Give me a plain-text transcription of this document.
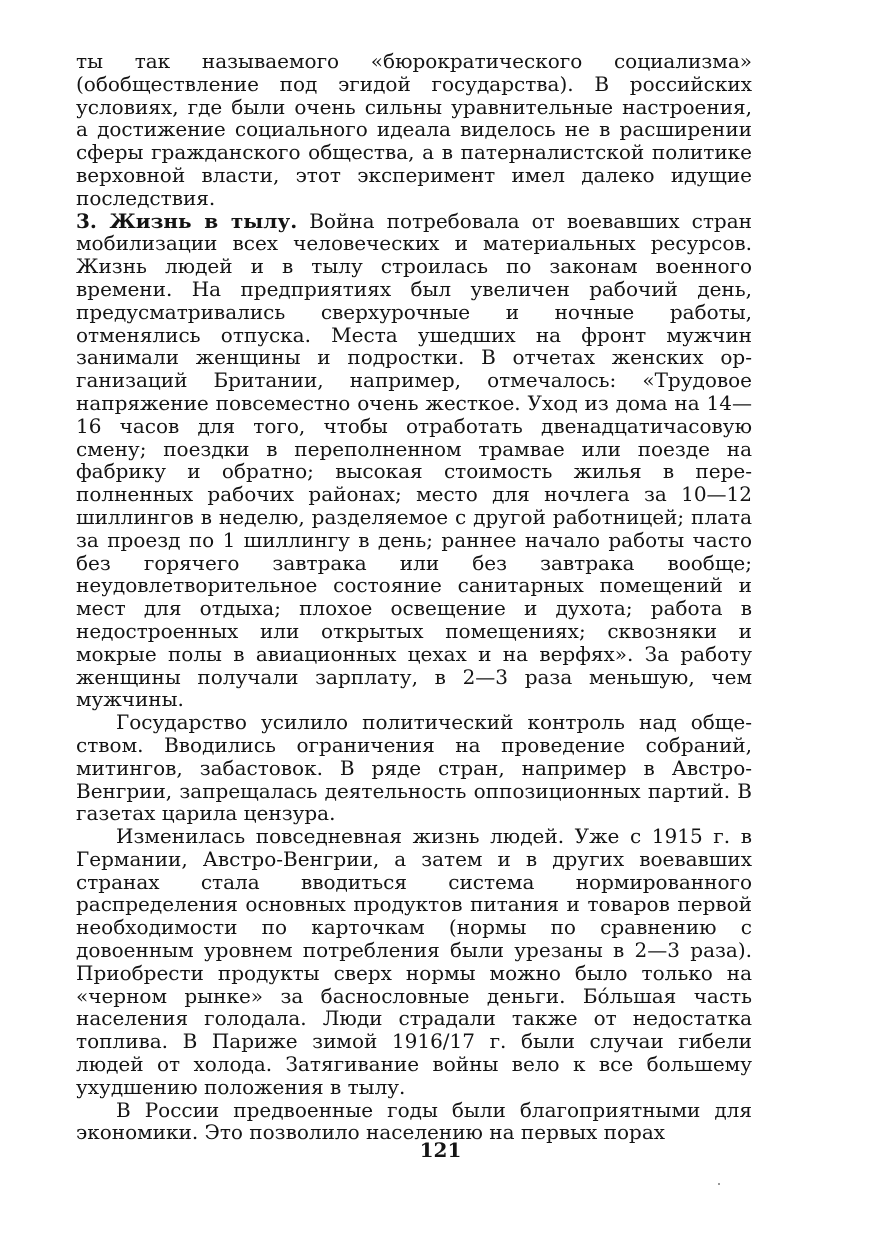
ты так называемого «бюрократического социализма» (обобществление под эгидой государства). В российских условиях, где были очень сильны уравнительные настроения, а достижение социального идеала виделось не в расширении сферы гражданского общества, а в патерналистской политике верховной власти, этот эксперимент имел далеко идущие последствия.

3. Жизнь в тылу. Война потребовала от воевавших стран мобилизации всех человеческих и материальных ресурсов. Жизнь людей и в тылу строилась по законам военного времени. На предприятиях был увеличен рабочий день, предусматривались сверхурочные и ночные работы, отменялись отпуска. Места ушедших на фронт мужчин занимали женщины и подростки. В отчетах женских организаций Британии, например, отмечалось: «Трудовое напряжение повсеместно очень жесткое. Уход из дома на 14—16 часов для того, чтобы отработать двенадцатичасовую смену; поездки в переполненном трамвае или поезде на фабрику и обратно; высокая стоимость жилья в переполненных рабочих районах; место для ночлега за 10—12 шиллингов в неделю, разделяемое с другой работницей; плата за проезд по 1 шиллингу в день; раннее начало работы часто без горячего завтрака или без завтрака вообще; неудовлетворительное состояние санитарных помещений и мест для отдыха; плохое освещение и духота; работа в недостроенных или открытых помещениях; сквозняки и мокрые полы в авиационных цехах и на верфях». За работу женщины получали зарплату, в 2—3 раза меньшую, чем мужчины.

Государство усилило политический контроль над обществом. Вводились ограничения на проведение собраний, митингов, забастовок. В ряде стран, например в Австро-Венгрии, запрещалась деятельность оппозиционных партий. В газетах царила цензура.

Изменилась повседневная жизнь людей. Уже с 1915 г. в Германии, Австро-Венгрии, а затем и в других воевавших странах стала вводиться система нормированного распределения основных продуктов питания и товаров первой необходимости по карточкам (нормы по сравнению с довоенным уровнем потребления были урезаны в 2—3 раза). Приобрести продукты сверх нормы можно было только на «черном рынке» за баснословные деньги. Бо́льшая часть населения голодала. Люди страдали также от недостатка топлива. В Париже зимой 1916/17 г. были случаи гибели людей от холода. Затягивание войны вело к все большему ухудшению положения в тылу.

В России предвоенные годы были благоприятными для экономики. Это позволило населению на первых порах

121
